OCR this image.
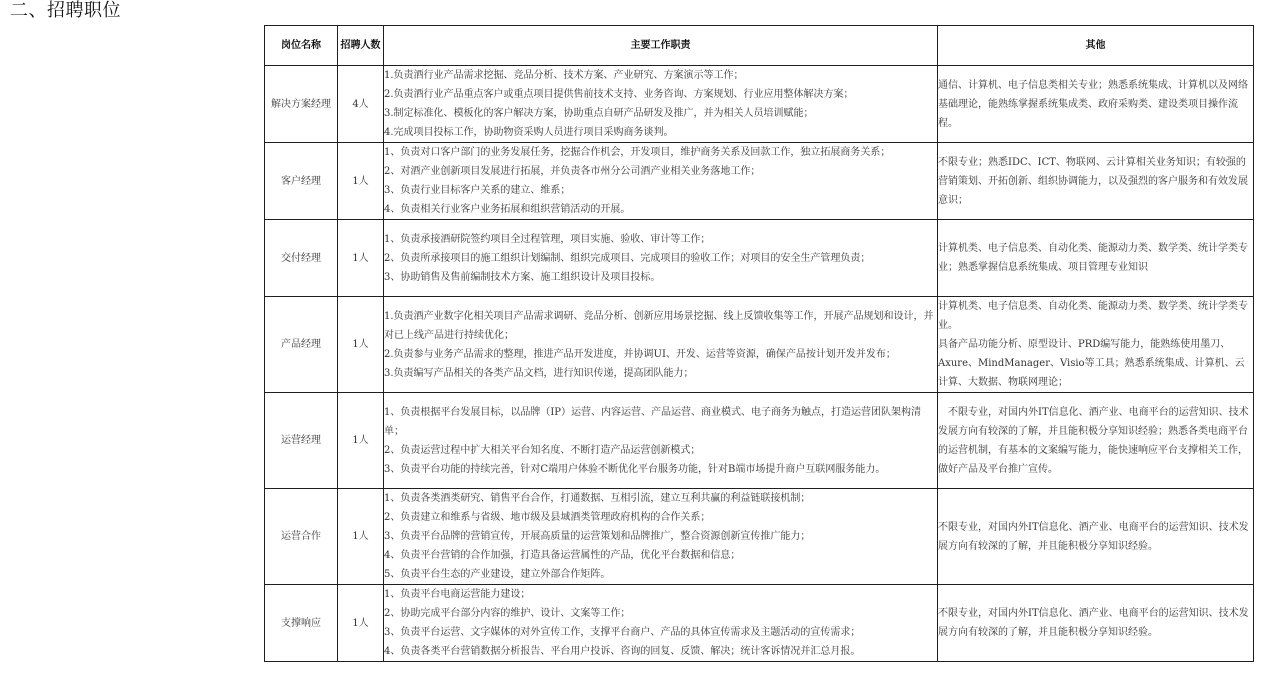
二、招聘职位
岗位名称	招聘人数	主要工作职责	其他
解决方案经理	4人	1.负责酒行业产品需求挖掘、竞品分析、技术方案、产业研究、方案演示等工作；
2.负责酒行业产品重点客户或重点项目提供售前技术支持、业务咨询、方案规划、行业应用整体解决方案；
3.制定标准化、模板化的客户解决方案，协助重点自研产品研发及推广，并为相关人员培训赋能；
4.完成项目投标工作，协助物资采购人员进行项目采购商务谈判。	通信、计算机、电子信息类相关专业；熟悉系统集成、计算机以及网络基础理论，能熟练掌握系统集成类、政府采购类、建设类项目操作流程。
客户经理	1人	1、负责对口客户部门的业务发展任务，挖掘合作机会，开发项目，维护商务关系及回款工作，独立拓展商务关系；
2、对酒产业创新项目发展进行拓展，并负责各市州分公司酒产业相关业务落地工作；
3、负责行业目标客户关系的建立、维系；
4、负责相关行业客户业务拓展和组织营销活动的开展。	不限专业；熟悉IDC、ICT、物联网、云计算相关业务知识；有较强的营销策划、开拓创新、组织协调能力，以及强烈的客户服务和有效发展意识；
交付经理	1人	1、负责承接酒研院签约项目全过程管理，项目实施、验收、审计等工作；
2、负责所承接项目的施工组织计划编制、组织完成项目、完成项目的验收工作；对项目的安全生产管理负责；
3、协助销售及售前编制技术方案、施工组织设计及项目投标。	计算机类、电子信息类、自动化类、能源动力类、数学类、统计学类专业；熟悉掌握信息系统集成、项目管理专业知识
产品经理	1人	1.负责酒产业数字化相关项目产品需求调研、竞品分析、创新应用场景挖掘、线上反馈收集等工作，开展产品规划和设计，并对已上线产品进行持续优化；
2.负责参与业务产品需求的整理，推进产品开发进度，并协调UI、开发、运营等资源，确保产品按计划开发并发布；
3.负责编写产品相关的各类产品文档，进行知识传递，提高团队能力；	计算机类、电子信息类、自动化类、能源动力类、数学类、统计学类专业。
具备产品功能分析、原型设计、PRD编写能力，能熟练使用墨刀、Axure、MindManager、Visio等工具；熟悉系统集成、计算机、云计算、大数据、物联网理论；
运营经理	1人	1、负责根据平台发展目标，以品牌（IP）运营、内容运营、产品运营、商业模式、电子商务为触点，打造运营团队架构清单；
2、负责运营过程中扩大相关平台知名度、不断打造产品运营创新模式；
3、负责平台功能的持续完善，针对C端用户体验不断优化平台服务功能，针对B端市场提升商户互联网服务能力。	　不限专业，对国内外IT信息化、酒产业、电商平台的运营知识、技术发展方向有较深的了解，并且能积极分享知识经验；熟悉各类电商平台的运营机制，有基本的文案编写能力，能快速响应平台支撑相关工作，做好产品及平台推广宣传。
运营合作	1人	1、负责各类酒类研究、销售平台合作，打通数据、互相引流，建立互利共赢的利益链联接机制；
2、负责建立和维系与省级、地市级及县域酒类管理政府机构的合作关系；
3、负责平台品牌的营销宣传，开展高质量的运营策划和品牌推广，整合资源创新宣传推广能力；
4、负责平台营销的合作加强，打造具备运营属性的产品，优化平台数据和信息；
5、负责平台生态的产业建设，建立外部合作矩阵。	不限专业，对国内外IT信息化、酒产业、电商平台的运营知识、技术发展方向有较深的了解，并且能积极分享知识经验。
支撑响应	1人	1、负责平台电商运营能力建设；
2、协助完成平台部分内容的维护、设计、文案等工作；
3、负责平台运营、文字媒体的对外宣传工作，支撑平台商户、产品的具体宣传需求及主题活动的宣传需求；
4、负责各类平台营销数据分析报告、平台用户投诉、咨询的回复、反馈、解决；统计客诉情况并汇总月报。	不限专业，对国内外IT信息化、酒产业、电商平台的运营知识、技术发展方向有较深的了解，并且能积极分享知识经验。
